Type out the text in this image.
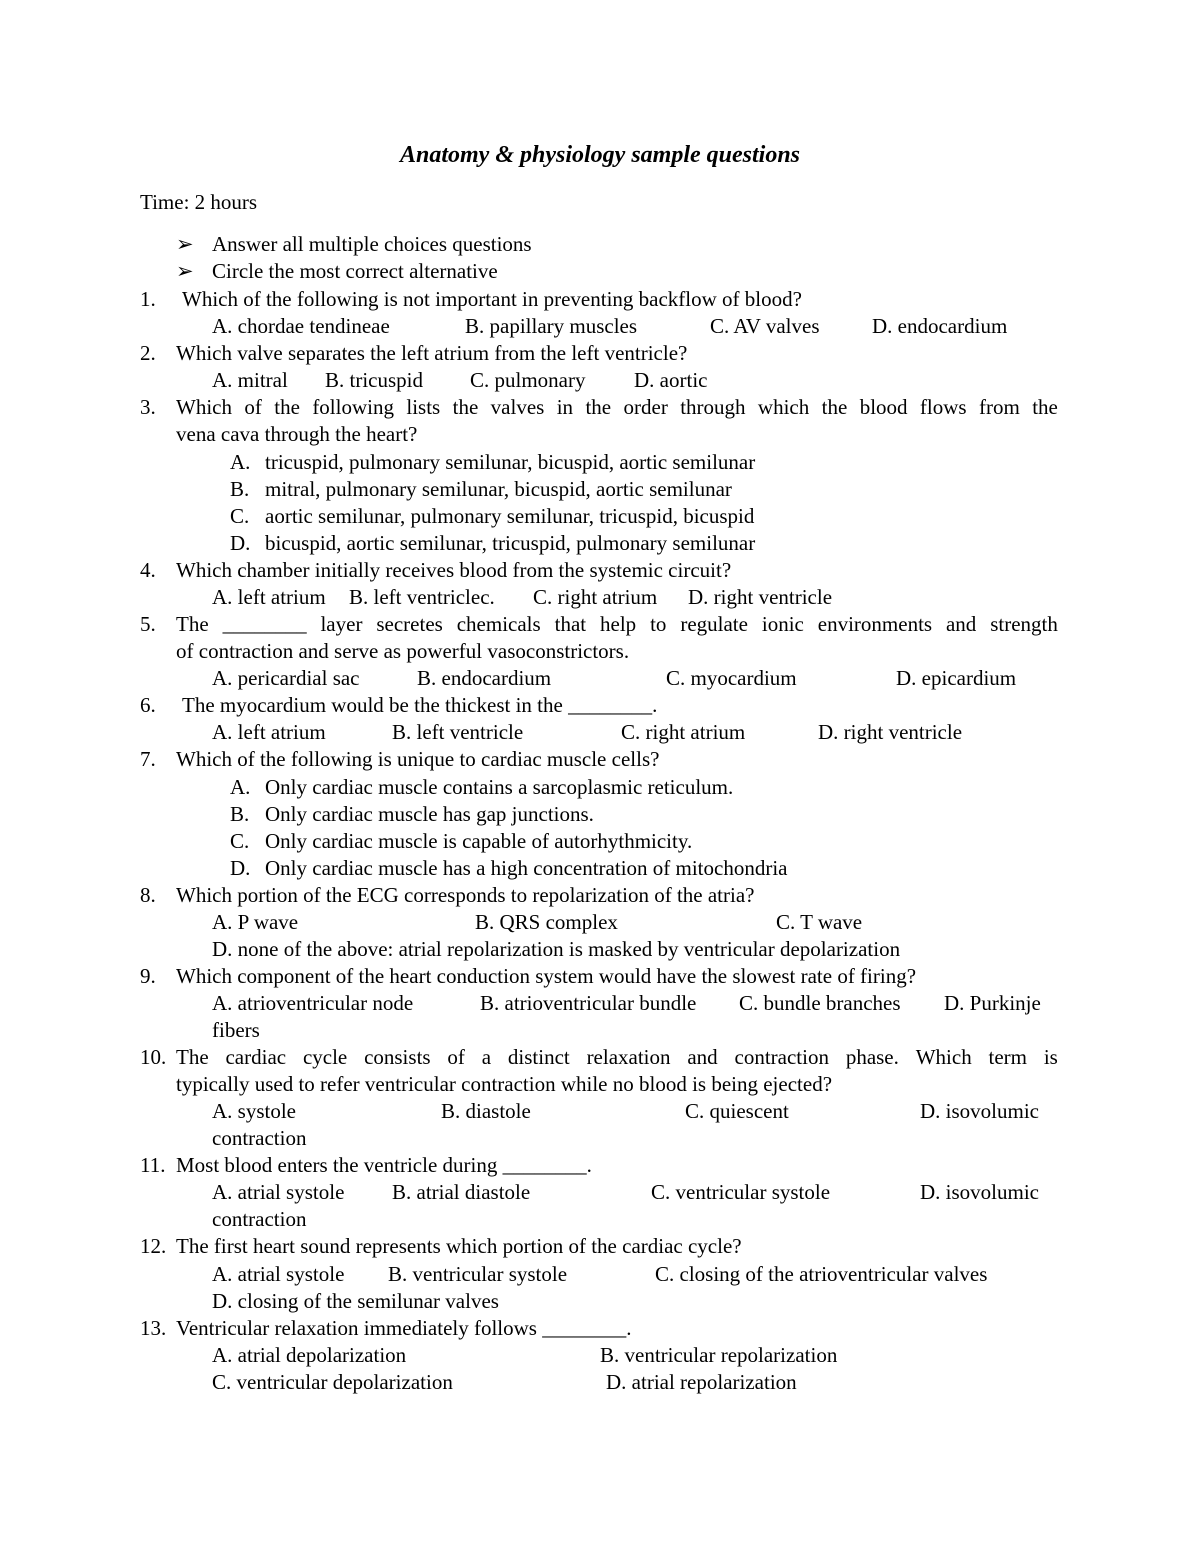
Anatomy & physiology sample questions
Time: 2 hours
➢ Answer all multiple choices questions
➢ Circle the most correct alternative
1. Which of the following is not important in preventing backflow of blood?
A. chordae tendineae	B. papillary muscles	C. AV valves	D. endocardium
2. Which valve separates the left atrium from the left ventricle?
A. mitral B. tricuspid C. pulmonary D. aortic
3. Which of the following lists the valves in the order through which the blood flows from the
vena cava through the heart?
A. tricuspid, pulmonary semilunar, bicuspid, aortic semilunar
B. mitral, pulmonary semilunar, bicuspid, aortic semilunar
C. aortic semilunar, pulmonary semilunar, tricuspid, bicuspid
D. bicuspid, aortic semilunar, tricuspid, pulmonary semilunar
4. Which chamber initially receives blood from the systemic circuit?
A. left atrium B. left ventriclec. C. right atrium D. right ventricle
5. The ________ layer secretes chemicals that help to regulate ionic environments and strength
of contraction and serve as powerful vasoconstrictors.
A. pericardial sac	B. endocardium	C. myocardium	D. epicardium
6. The myocardium would be the thickest in the ________.
A. left atrium	B. left ventricle	C. right atrium	D. right ventricle
7. Which of the following is unique to cardiac muscle cells?
A. Only cardiac muscle contains a sarcoplasmic reticulum.
B. Only cardiac muscle has gap junctions.
C. Only cardiac muscle is capable of autorhythmicity.
D. Only cardiac muscle has a high concentration of mitochondria
8. Which portion of the ECG corresponds to repolarization of the atria?
A. P wave	B. QRS complex	C. T wave
D. none of the above: atrial repolarization is masked by ventricular depolarization
9. Which component of the heart conduction system would have the slowest rate of firing?
A. atrioventricular node	B. atrioventricular bundle C. bundle branches D. Purkinje
fibers
10. The cardiac cycle consists of a distinct relaxation and contraction phase. Which term is
typically used to refer ventricular contraction while no blood is being ejected?
A. systole	B. diastole	C. quiescent	D. isovolumic
contraction
11. Most blood enters the ventricle during ________.
A. atrial systole B. atrial diastole	C. ventricular systole	D. isovolumic
contraction
12. The first heart sound represents which portion of the cardiac cycle?
A. atrial systole B. ventricular systole	C. closing of the atrioventricular valves
D. closing of the semilunar valves
13. Ventricular relaxation immediately follows ________.
A. atrial depolarization	B. ventricular repolarization
C. ventricular depolarization	D. atrial repolarization
